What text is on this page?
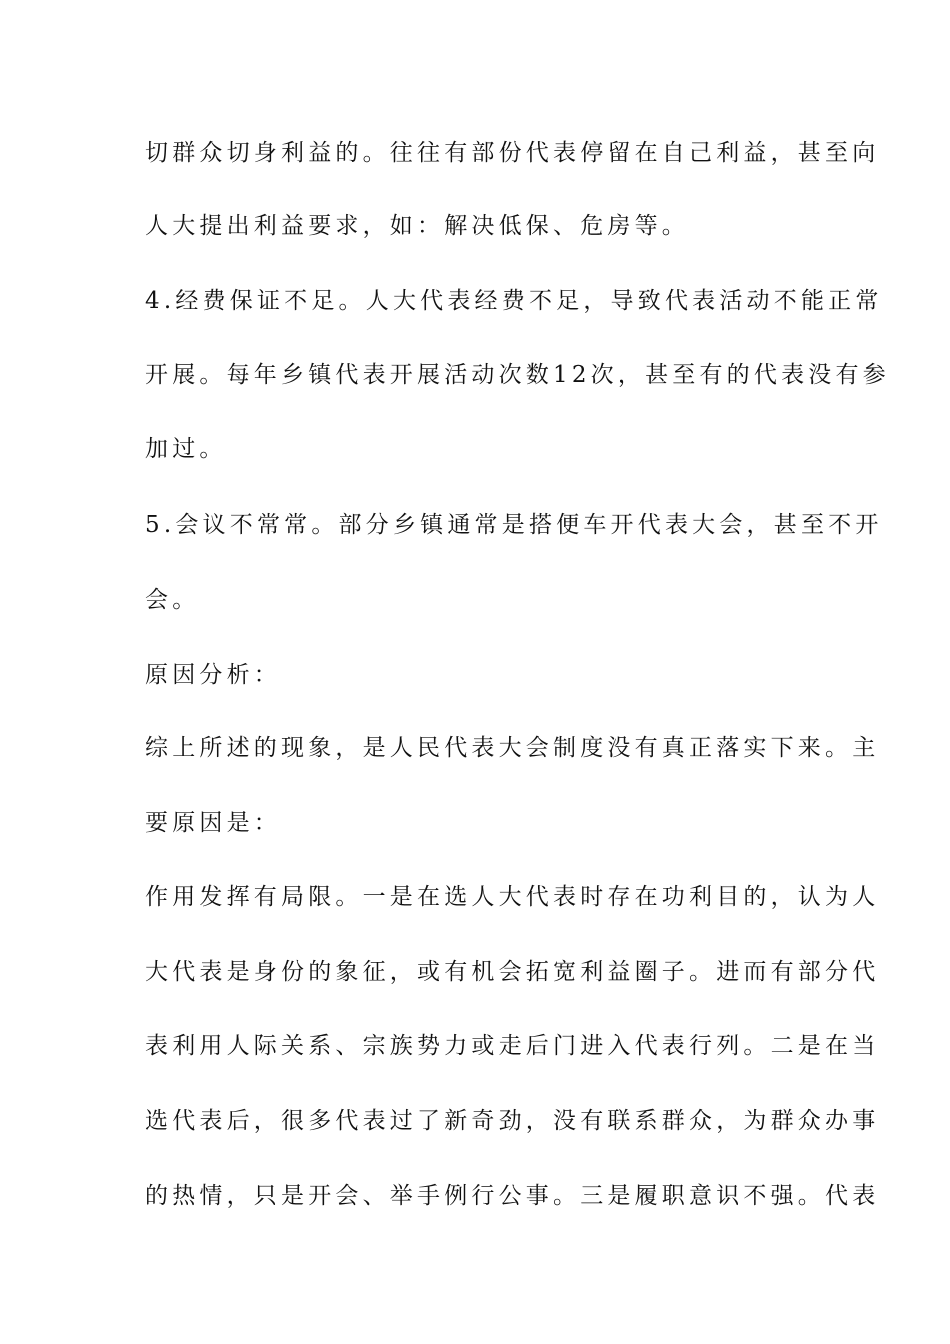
切群众切身利益的。往往有部份代表停留在自己利益，甚至向
人大提出利益要求，如：解决低保、危房等。
4.经费保证不足。人大代表经费不足，导致代表活动不能正常
开展。每年乡镇代表开展活动次数12次，甚至有的代表没有参
加过。
5.会议不常常。部分乡镇通常是搭便车开代表大会，甚至不开
会。
原因分析：
综上所述的现象，是人民代表大会制度没有真正落实下来。主
要原因是：
作用发挥有局限。一是在选人大代表时存在功利目的，认为人
大代表是身份的象征，或有机会拓宽利益圈子。进而有部分代
表利用人际关系、宗族势力或走后门进入代表行列。二是在当
选代表后，很多代表过了新奇劲，没有联系群众，为群众办事
的热情，只是开会、举手例行公事。三是履职意识不强。代表
